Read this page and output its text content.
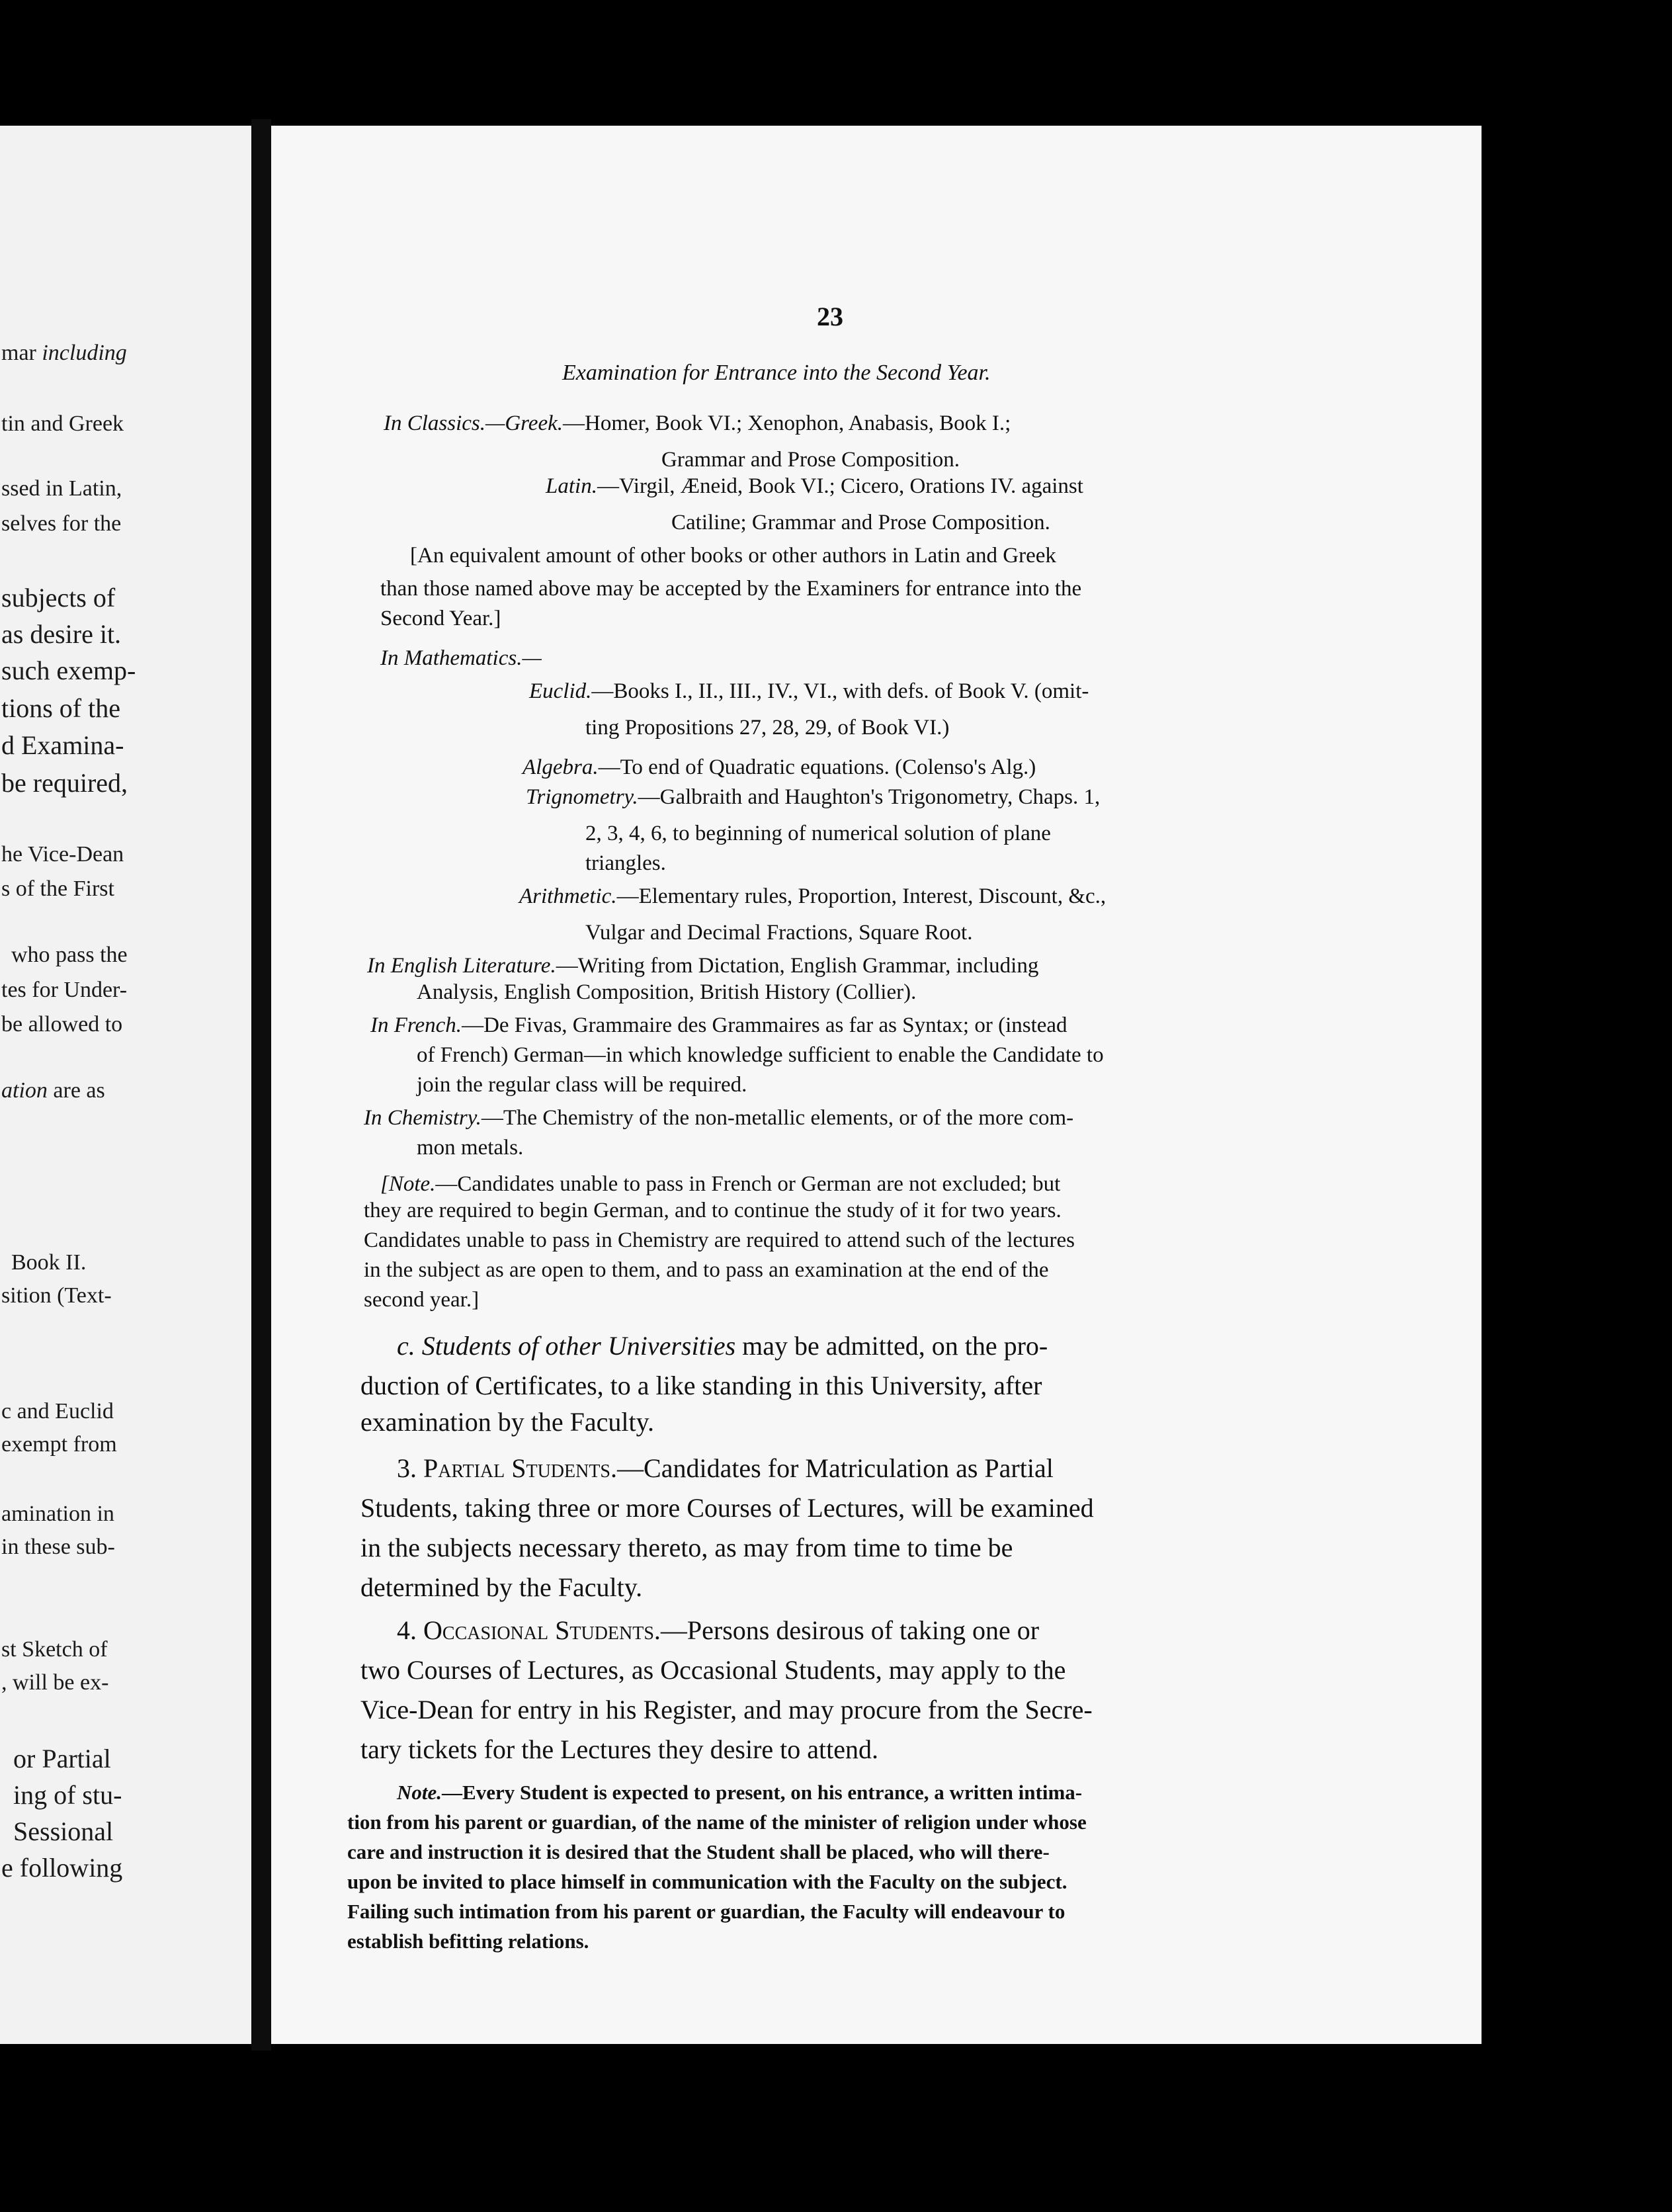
mar including
tin and Greek
ssed in Latin,
selves for the
subjects of
as desire it.
such exemp-
tions of the
d Examina-
be required,
he Vice-Dean
s of the First
who pass the
tes for Under-
be allowed to
ation are as
Book II.
sition (Text-
c and Euclid
exempt from
amination in
in these sub-
st Sketch of
, will be ex-
or Partial
ing of stu-
Sessional
e following
23
Examination for Entrance into the Second Year.
In Classics.—Greek.—Homer, Book VI.; Xenophon, Anabasis, Book I.;
Grammar and Prose Composition.
Latin.—Virgil, Æneid, Book VI.; Cicero, Orations IV. against
Catiline; Grammar and Prose Composition.
[An equivalent amount of other books or other authors in Latin and Greek
than those named above may be accepted by the Examiners for entrance into the
Second Year.]
In Mathematics.—
Euclid.—Books I., II., III., IV., VI., with defs. of Book V. (omit-
ting Propositions 27, 28, 29, of Book VI.)
Algebra.—To end of Quadratic equations. (Colenso's Alg.)
Trignometry.—Galbraith and Haughton's Trigonometry, Chaps. 1,
2, 3, 4, 6, to beginning of numerical solution of plane
triangles.
Arithmetic.—Elementary rules, Proportion, Interest, Discount, &c.,
Vulgar and Decimal Fractions, Square Root.
In English Literature.—Writing from Dictation, English Grammar, including
Analysis, English Composition, British History (Collier).
In French.—De Fivas, Grammaire des Grammaires as far as Syntax; or (instead
of French) German—in which knowledge sufficient to enable the Candidate to
join the regular class will be required.
In Chemistry.—The Chemistry of the non-metallic elements, or of the more com-
mon metals.
[Note.—Candidates unable to pass in French or German are not excluded; but
they are required to begin German, and to continue the study of it for two years.
Candidates unable to pass in Chemistry are required to attend such of the lectures
in the subject as are open to them, and to pass an examination at the end of the
second year.]
c. Students of other Universities may be admitted, on the pro-
duction of Certificates, to a like standing in this University, after
examination by the Faculty.
3. Partial Students.—Candidates for Matriculation as Partial
Students, taking three or more Courses of Lectures, will be examined
in the subjects necessary thereto, as may from time to time be
determined by the Faculty.
4. Occasional Students.—Persons desirous of taking one or
two Courses of Lectures, as Occasional Students, may apply to the
Vice-Dean for entry in his Register, and may procure from the Secre-
tary tickets for the Lectures they desire to attend.
Note.—Every Student is expected to present, on his entrance, a written intima-
tion from his parent or guardian, of the name of the minister of religion under whose
care and instruction it is desired that the Student shall be placed, who will there-
upon be invited to place himself in communication with the Faculty on the subject.
Failing such intimation from his parent or guardian, the Faculty will endeavour to
establish befitting relations.
